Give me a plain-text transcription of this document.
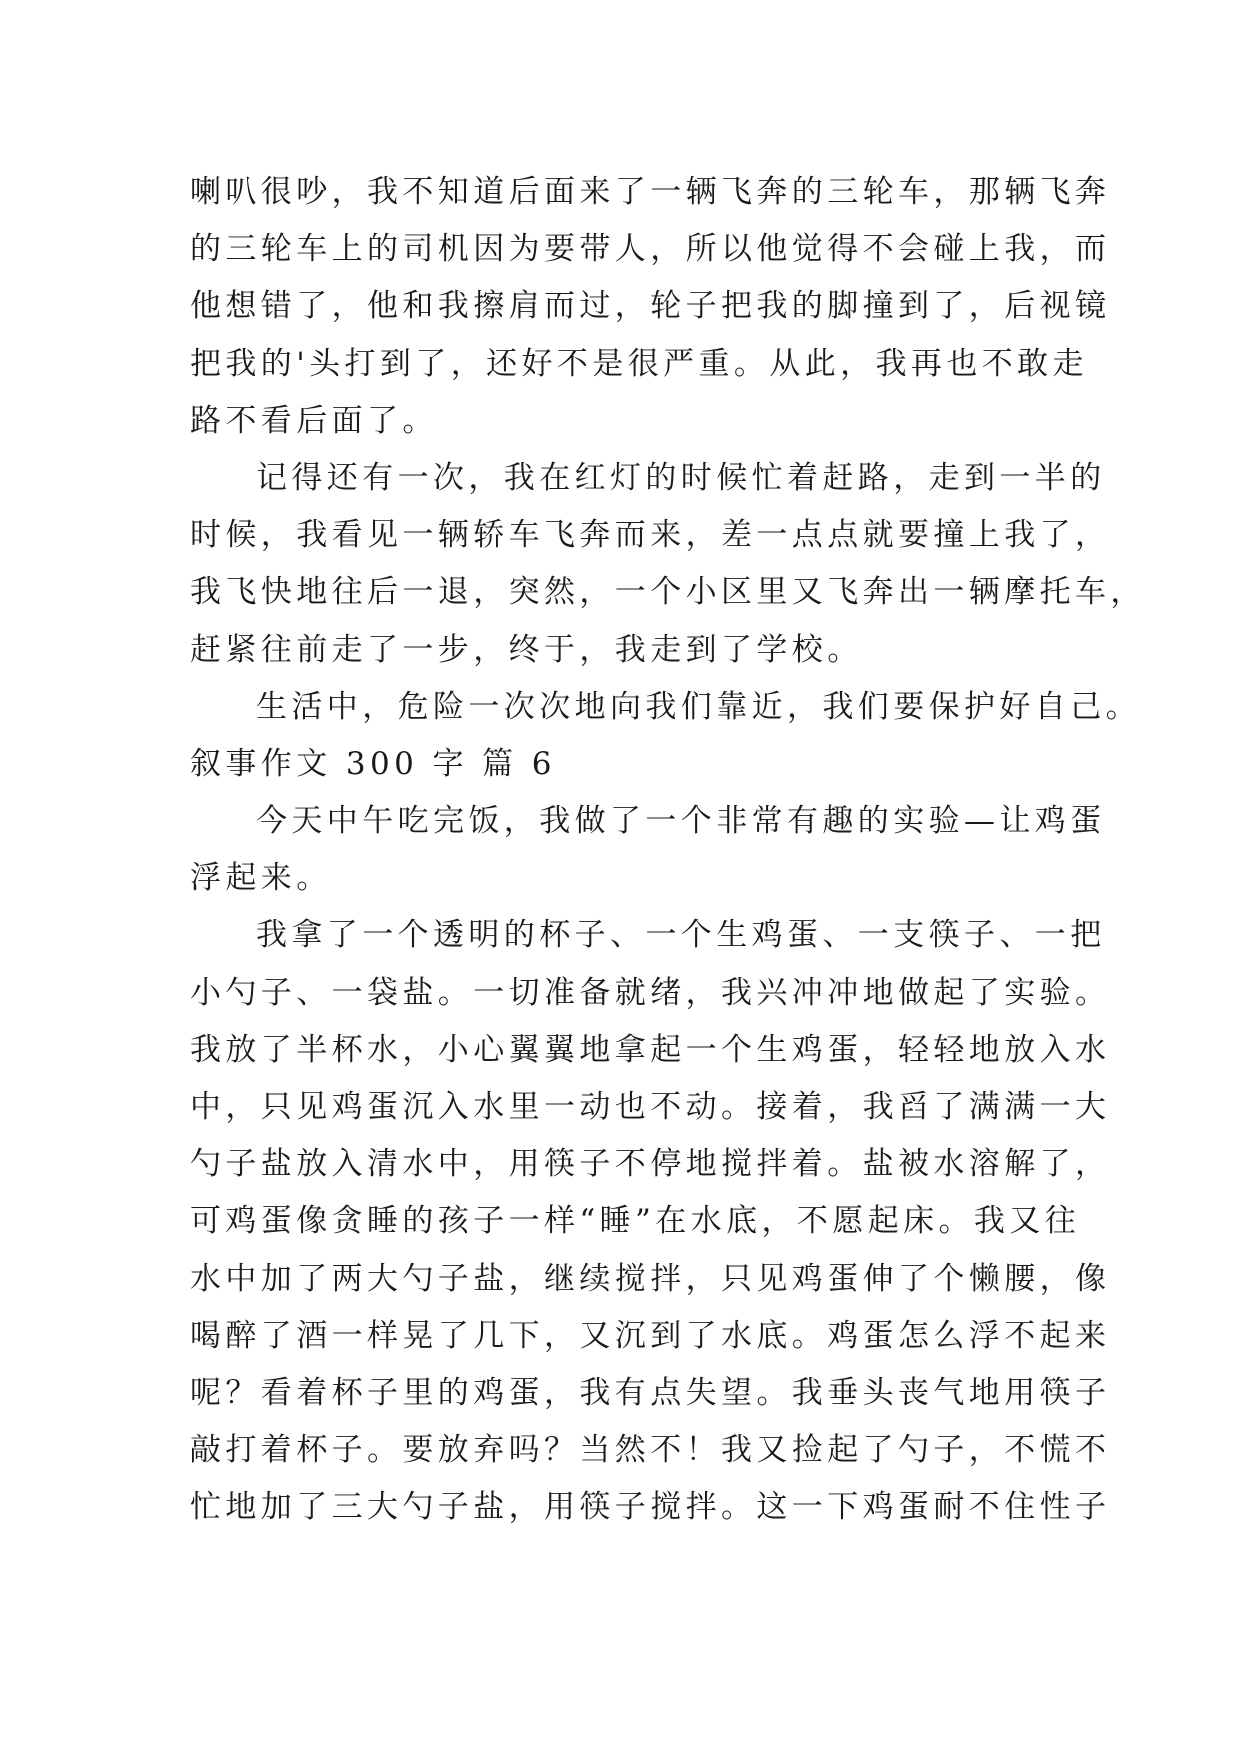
喇叭很吵，我不知道后面来了一辆飞奔的三轮车，那辆飞奔
的三轮车上的司机因为要带人，所以他觉得不会碰上我，而
他想错了，他和我擦肩而过，轮子把我的脚撞到了，后视镜
把我的'头打到了，还好不是很严重。从此，我再也不敢走
路不看后面了。
记得还有一次，我在红灯的时候忙着赶路，走到一半的
时候，我看见一辆轿车飞奔而来，差一点点就要撞上我了，
我飞快地往后一退，突然，一个小区里又飞奔出一辆摩托车，
赶紧往前走了一步，终于，我走到了学校。
生活中，危险一次次地向我们靠近，我们要保护好自己。
叙事作文 300 字 篇 6
今天中午吃完饭，我做了一个非常有趣的实验—让鸡蛋
浮起来。
我拿了一个透明的杯子、一个生鸡蛋、一支筷子、一把
小勺子、一袋盐。一切准备就绪，我兴冲冲地做起了实验。
我放了半杯水，小心翼翼地拿起一个生鸡蛋，轻轻地放入水
中，只见鸡蛋沉入水里一动也不动。接着，我舀了满满一大
勺子盐放入清水中，用筷子不停地搅拌着。盐被水溶解了，
可鸡蛋像贪睡的孩子一样“睡”在水底，不愿起床。我又往
水中加了两大勺子盐，继续搅拌，只见鸡蛋伸了个懒腰，像
喝醉了酒一样晃了几下，又沉到了水底。鸡蛋怎么浮不起来
呢？看着杯子里的鸡蛋，我有点失望。我垂头丧气地用筷子
敲打着杯子。要放弃吗？当然不！我又捡起了勺子，不慌不
忙地加了三大勺子盐，用筷子搅拌。这一下鸡蛋耐不住性子
